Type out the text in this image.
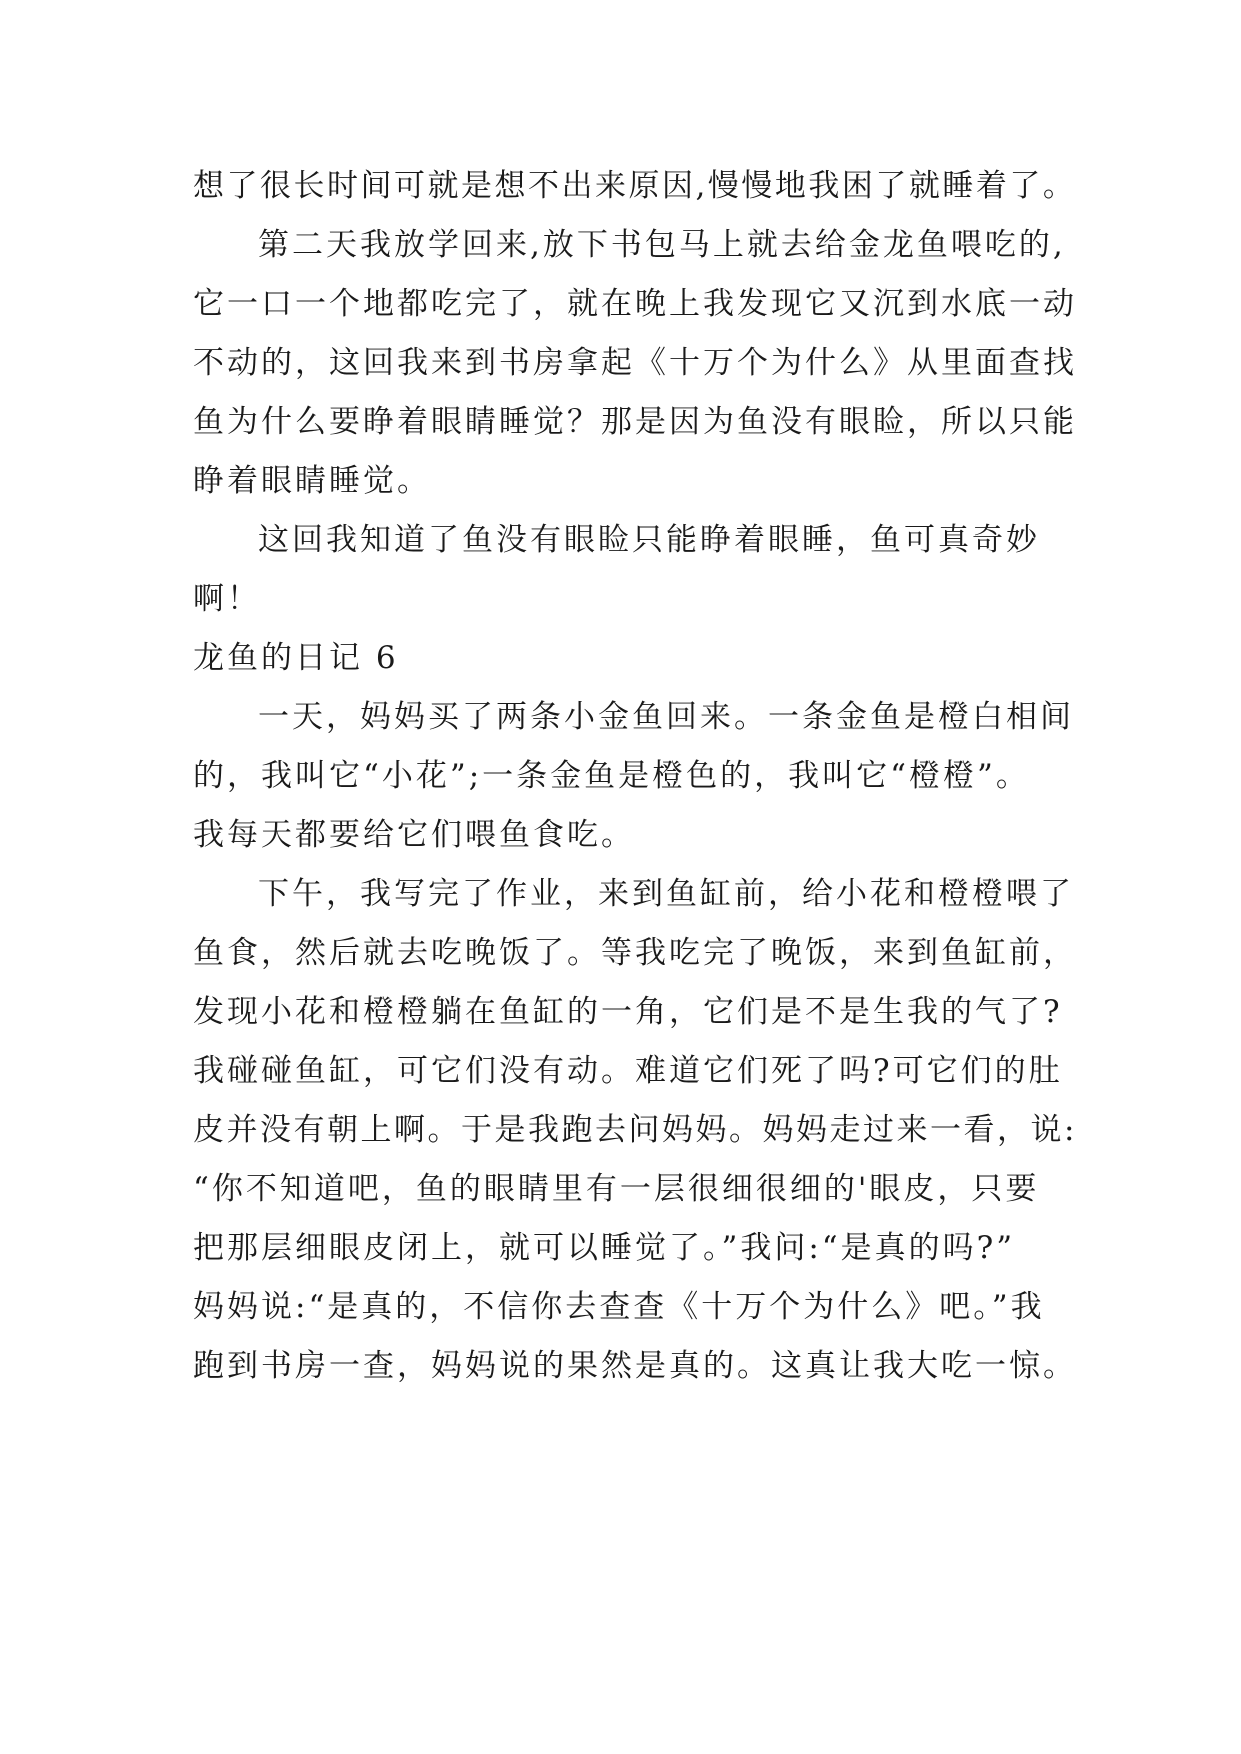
想了很长时间可就是想不出来原因,慢慢地我困了就睡着了。
第二天我放学回来,放下书包马上就去给金龙鱼喂吃的,
它一口一个地都吃完了，就在晚上我发现它又沉到水底一动
不动的，这回我来到书房拿起《十万个为什么》从里面查找
鱼为什么要睁着眼睛睡觉？那是因为鱼没有眼睑，所以只能
睁着眼睛睡觉。
这回我知道了鱼没有眼睑只能睁着眼睡，鱼可真奇妙
啊！
龙鱼的日记 6
一天，妈妈买了两条小金鱼回来。一条金鱼是橙白相间
的，我叫它“小花”;一条金鱼是橙色的，我叫它“橙橙”。
我每天都要给它们喂鱼食吃。
下午，我写完了作业，来到鱼缸前，给小花和橙橙喂了
鱼食，然后就去吃晚饭了。等我吃完了晚饭，来到鱼缸前，
发现小花和橙橙躺在鱼缸的一角，它们是不是生我的气了?
我碰碰鱼缸，可它们没有动。难道它们死了吗?可它们的肚
皮并没有朝上啊。于是我跑去问妈妈。妈妈走过来一看，说:
“你不知道吧，鱼的眼睛里有一层很细很细的'眼皮，只要
把那层细眼皮闭上，就可以睡觉了。”我问:“是真的吗?”
妈妈说:“是真的，不信你去查查《十万个为什么》吧。”我
跑到书房一查，妈妈说的果然是真的。这真让我大吃一惊。
